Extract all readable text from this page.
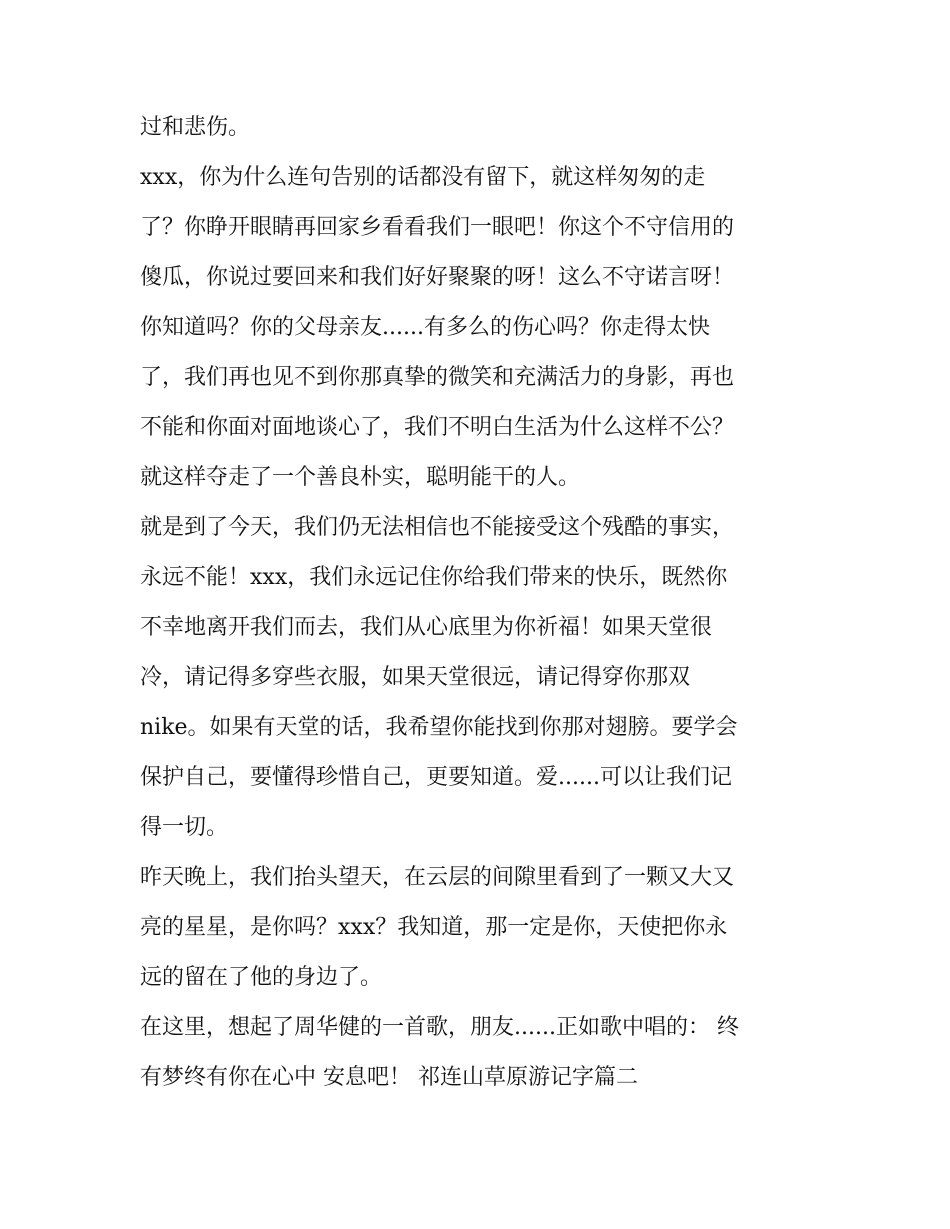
过和悲伤。
xxx，你为什么连句告别的话都没有留下，就这样匆匆的走
了？你睁开眼睛再回家乡看看我们一眼吧！你这个不守信用的
傻瓜，你说过要回来和我们好好聚聚的呀！这么不守诺言呀！
你知道吗？你的父母亲友......有多么的伤心吗？你走得太快
了，我们再也见不到你那真挚的微笑和充满活力的身影，再也
不能和你面对面地谈心了，我们不明白生活为什么这样不公？
就这样夺走了一个善良朴实，聪明能干的人。
就是到了今天，我们仍无法相信也不能接受这个残酷的事实，
永远不能！xxx，我们永远记住你给我们带来的快乐，既然你
不幸地离开我们而去，我们从心底里为你祈福！如果天堂很
冷，请记得多穿些衣服，如果天堂很远，请记得穿你那双
nike。如果有天堂的话，我希望你能找到你那对翅膀。要学会
保护自己，要懂得珍惜自己，更要知道。爱......可以让我们记
得一切。
昨天晚上，我们抬头望天，在云层的间隙里看到了一颗又大又
亮的星星，是你吗？xxx？我知道，那一定是你，天使把你永
远的留在了他的身边了。
在这里，想起了周华健的一首歌，朋友......正如歌中唱的： 终
有梦终有你在心中 安息吧！ 祁连山草原游记字篇二
